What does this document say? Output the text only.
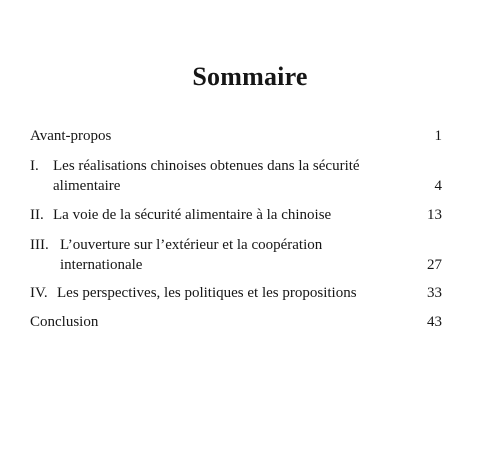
Sommaire
Avant-propos	1
I. Les réalisations chinoises obtenues dans la sécurité
alimentaire	4
II. La voie de la sécurité alimentaire à la chinoise	13
III. L’ouverture sur l’extérieur et la coopération
internationale	27
IV. Les perspectives, les politiques et les propositions	33
Conclusion	43
